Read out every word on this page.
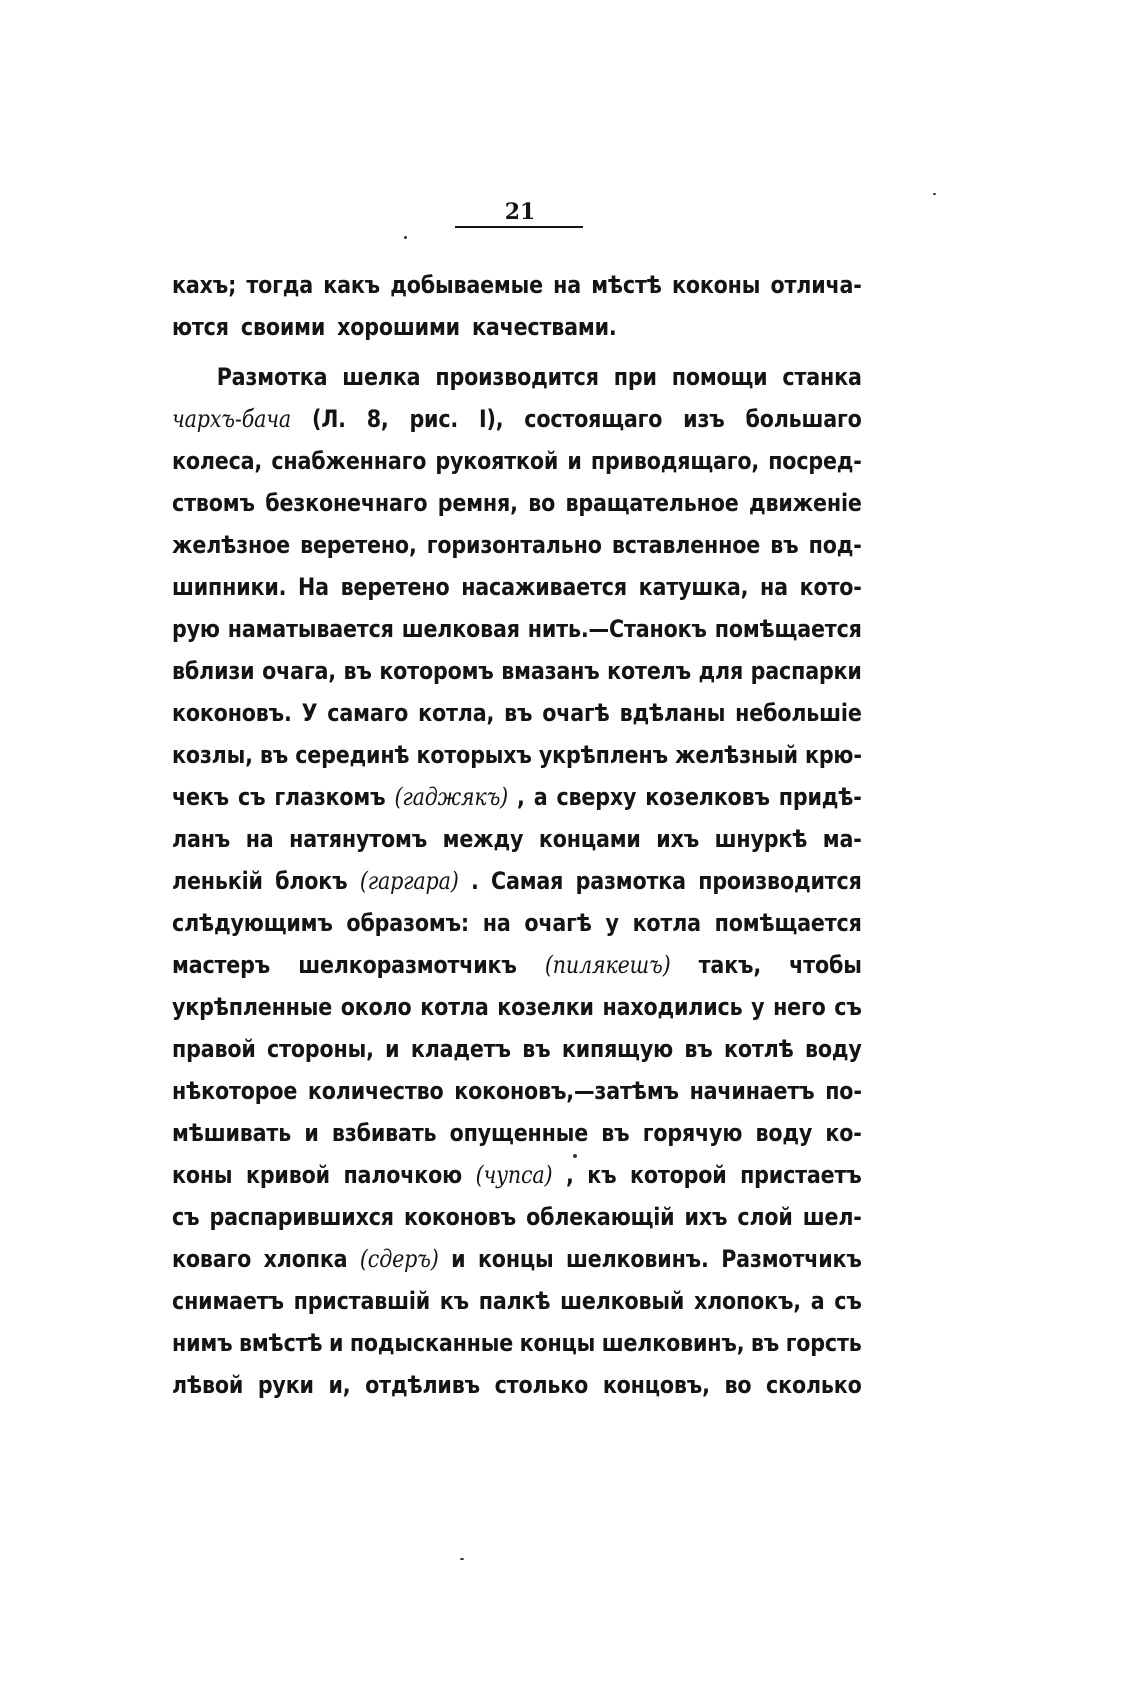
21
кахъ; тогда какъ добываемые на мѣстѣ коконы отлича-
ются своими хорошими качествами.
Размотка шелка производится при помощи станка
чархъ-бача (Л. 8, рис. I), состоящаго изъ большаго
колеса, снабженнаго рукояткой и приводящаго, посред-
ствомъ безконечнаго ремня, во вращательное движеніе
желѣзное веретено, горизонтально вставленное въ под-
шипники. На веретено насаживается катушка, на кото-
рую наматывается шелковая нить.—Станокъ помѣщается
вблизи очага, въ которомъ вмазанъ котелъ для распарки
коконовъ. У самаго котла, въ очагѣ вдѣланы небольшіе
козлы, въ серединѣ которыхъ укрѣпленъ желѣзный крю-
чекъ съ глазкомъ (гаджякъ) , а сверху козелковъ придѣ-
ланъ на натянутомъ между концами ихъ шнуркѣ ма-
ленькій блокъ (гаргара) . Самая размотка производится
слѣдующимъ образомъ: на очагѣ у котла помѣщается
мастеръ шелкоразмотчикъ (пилякешъ) такъ, чтобы
укрѣпленные около котла козелки находились у него съ
правой стороны, и кладетъ въ кипящую въ котлѣ воду
нѣкоторое количество коконовъ,—затѣмъ начинаетъ по-
мѣшивать и взбивать опущенные въ горячую воду ко-
коны кривой палочкою (чупса) , къ которой пристаетъ
съ распарившихся коконовъ облекающій ихъ слой шел-
коваго хлопка (сдеръ) и концы шелковинъ. Размотчикъ
снимаетъ приставшій къ палкѣ шелковый хлопокъ, а съ
нимъ вмѣстѣ и подысканные концы шелковинъ, въ горсть
лѣвой руки и, отдѣливъ столько концовъ, во сколько
